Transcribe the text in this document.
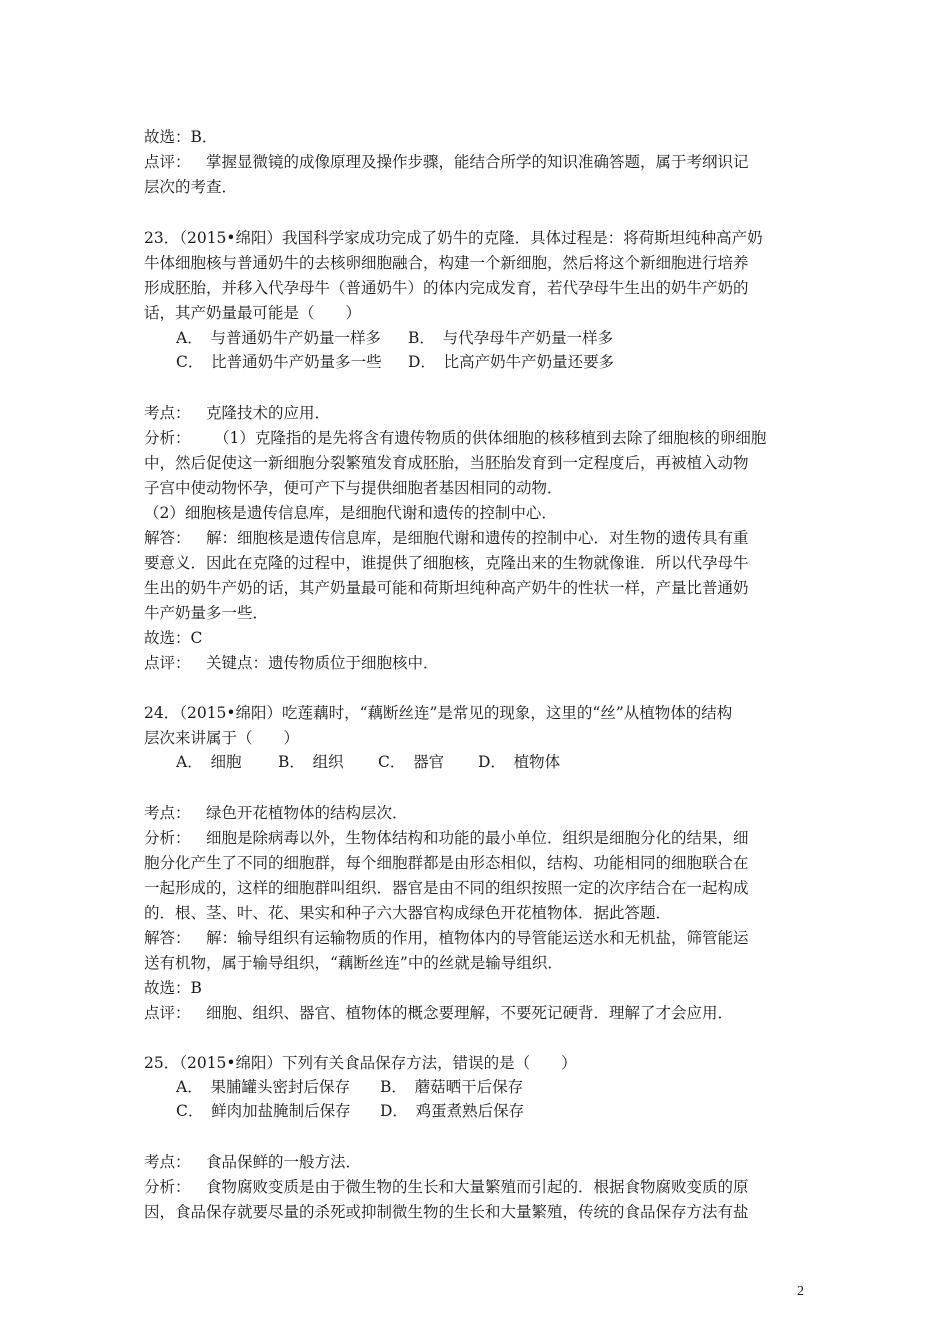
故选：B．
点评： 掌握显微镜的成像原理及操作步骤，能结合所学的知识准确答题，属于考纲识记
层次的考查．
23．（2015•绵阳）我国科学家成功完成了奶牛的克隆．具体过程是：将荷斯坦纯种高产奶
牛体细胞核与普通奶牛的去核卵细胞融合，构建一个新细胞，然后将这个新细胞进行培养
形成胚胎，并移入代孕母牛（普通奶牛）的体内完成发育，若代孕母牛生出的奶牛产奶的
话，其产奶量最可能是（　　）
A．　与普通奶牛产奶量一样多 B．　与代孕母牛产奶量一样多
C．　比普通奶牛产奶量多一些 D．　比高产奶牛产奶量还要多
考点： 克隆技术的应用．
分析： （1）克隆指的是先将含有遗传物质的供体细胞的核移植到去除了细胞核的卵细胞
中，然后促使这一新细胞分裂繁殖发育成胚胎，当胚胎发育到一定程度后，再被植入动物
子宫中使动物怀孕，便可产下与提供细胞者基因相同的动物．
（2）细胞核是遗传信息库，是细胞代谢和遗传的控制中心．
解答： 解：细胞核是遗传信息库，是细胞代谢和遗传的控制中心．对生物的遗传具有重
要意义．因此在克隆的过程中，谁提供了细胞核，克隆出来的生物就像谁．所以代孕母牛
生出的奶牛产奶的话，其产奶量最可能和荷斯坦纯种高产奶牛的性状一样，产量比普通奶
牛产奶量多一些．
故选：C
点评： 关键点：遗传物质位于细胞核中．
24．（2015•绵阳）吃莲藕时，“藕断丝连”是常见的现象，这里的“丝”从植物体的结构
层次来讲属于（　　）
A．　细胞 B．　组织 C．　器官 D．　植物体
考点： 绿色开花植物体的结构层次．
分析： 细胞是除病毒以外，生物体结构和功能的最小单位．组织是细胞分化的结果，细
胞分化产生了不同的细胞群，每个细胞群都是由形态相似，结构、功能相同的细胞联合在
一起形成的，这样的细胞群叫组织．器官是由不同的组织按照一定的次序结合在一起构成
的．根、茎、叶、花、果实和种子六大器官构成绿色开花植物体．据此答题．
解答： 解：输导组织有运输物质的作用，植物体内的导管能运送水和无机盐，筛管能运
送有机物，属于输导组织，“藕断丝连”中的丝就是输导组织．
故选：B
点评： 细胞、组织、器官、植物体的概念要理解，不要死记硬背．理解了才会应用．
25．（2015•绵阳）下列有关食品保存方法，错误的是（　　）
A．　果脯罐头密封后保存 B．　蘑菇晒干后保存
C．　鲜肉加盐腌制后保存 D．　鸡蛋煮熟后保存
考点： 食品保鲜的一般方法．
分析： 食物腐败变质是由于微生物的生长和大量繁殖而引起的．根据食物腐败变质的原
因，食品保存就要尽量的杀死或抑制微生物的生长和大量繁殖，传统的食品保存方法有盐
2
